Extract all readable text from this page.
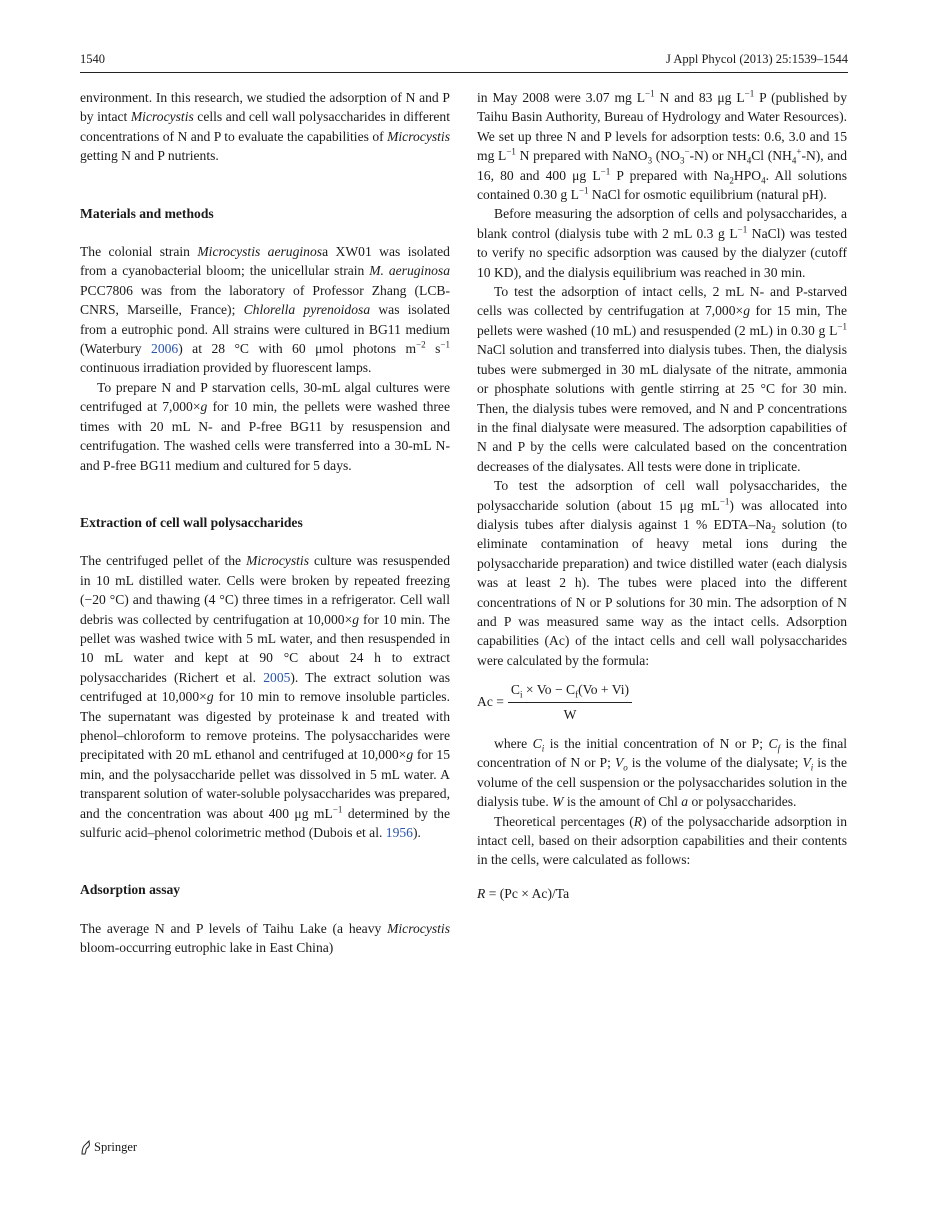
1540	J Appl Phycol (2013) 25:1539–1544

environment. In this research, we studied the adsorption of N and P by intact Microcystis cells and cell wall polysaccharides in different concentrations of N and P to evaluate the capabilities of Microcystis getting N and P nutrients.

Materials and methods

The colonial strain Microcystis aeruginosa XW01 was isolated from a cyanobacterial bloom; the unicellular strain M. aeruginosa PCC7806 was from the laboratory of Professor Zhang (LCB-CNRS, Marseille, France); Chlorella pyrenoidosa was isolated from a eutrophic pond. All strains were cultured in BG11 medium (Waterbury 2006) at 28 °C with 60 μmol photons $m^{-2}$ $s^{-1}$ continuous irradiation provided by fluorescent lamps.

To prepare N and P starvation cells, 30-mL algal cultures were centrifuged at 7,000×g for 10 min, the pellets were washed three times with 20 mL N- and P-free BG11 by resuspension and centrifugation. The washed cells were transferred into a 30-mL N- and P-free BG11 medium and cultured for 5 days.

Extraction of cell wall polysaccharides

The centrifuged pellet of the Microcystis culture was resuspended in 10 mL distilled water. Cells were broken by repeated freezing (−20 °C) and thawing (4 °C) three times in a refrigerator. Cell wall debris was collected by centrifugation at 10,000×g for 10 min. The pellet was washed twice with 5 mL water, and then resuspended in 10 mL water and kept at 90 °C about 24 h to extract polysaccharides (Richert et al. 2005). The extract solution was centrifuged at 10,000×g for 10 min to remove insoluble particles. The supernatant was digested by proteinase k and treated with phenol–chloroform to remove proteins. The polysaccharides were precipitated with 20 mL ethanol and centrifuged at 10,000×g for 15 min, and the polysaccharide pellet was dissolved in 5 mL water. A transparent solution of water-soluble polysaccharides was prepared, and the concentration was about 400 μg $mL^{-1}$ determined by the sulfuric acid–phenol colorimetric method (Dubois et al. 1956).

Adsorption assay

The average N and P levels of Taihu Lake (a heavy Microcystis bloom-occurring eutrophic lake in East China)

in May 2008 were 3.07 mg $L^{-1}$ N and 83 μg $L^{-1}$ P (published by Taihu Basin Authority, Bureau of Hydrology and Water Resources). We set up three N and P levels for adsorption tests: 0.6, 3.0 and 15 mg $L^{-1}$ N prepared with NaNO$_3$ $(NO_3^--N)$ or $NH_4Cl$ $(NH_4^+-N)$, and 16, 80 and 400 μg $L^{-1}$ P prepared with $Na_2HPO_4$. All solutions contained 0.30 g $L^{-1}$ NaCl for osmotic equilibrium (natural pH).

Before measuring the adsorption of cells and polysaccharides, a blank control (dialysis tube with 2 mL 0.3 g $L^{-1}$ NaCl) was tested to verify no specific adsorption was caused by the dialyzer (cutoff 10 KD), and the dialysis equilibrium was reached in 30 min.

To test the adsorption of intact cells, 2 mL N- and P-starved cells was collected by centrifugation at 7,000×g for 15 min, The pellets were washed (10 mL) and resuspended (2 mL) in 0.30 g $L^{-1}$ NaCl solution and transferred into dialysis tubes. Then, the dialysis tubes were submerged in 30 mL dialysate of the nitrate, ammonia or phosphate solutions with gentle stirring at 25 °C for 30 min. Then, the dialysis tubes were removed, and N and P concentrations in the final dialysate were measured. The adsorption capabilities of N and P by the cells were calculated based on the concentration decreases of the dialysates. All tests were done in triplicate.

To test the adsorption of cell wall polysaccharides, the polysaccharide solution (about 15 μg $mL^{-1}$) was allocated into dialysis tubes after dialysis against 1 % EDTA–$Na_2$ solution (to eliminate contamination of heavy metal ions during the polysaccharide preparation) and twice distilled water (each dialysis was at least 2 h). The tubes were placed into the different concentrations of N or P solutions for 30 min. The adsorption of N and P was measured same way as the intact cells. Adsorption capabilities (Ac) of the intact cells and cell wall polysaccharides were calculated by the formula:

$Ac = \frac{C_i \times Vo - C_f(Vo + Vi)}{W}$

where $C_i$ is the initial concentration of N or P; $C_f$ is the final concentration of N or P; $V_o$ is the volume of the dialysate; $V_i$ is the volume of the cell suspension or the polysaccharides solution in the dialysis tube. W is the amount of Chl a or polysaccharides.

Theoretical percentages (R) of the polysaccharide adsorption in intact cell, based on their adsorption capabilities and their contents in the cells, were calculated as follows:

R = (Pc × Ac)/Ta
Springer
